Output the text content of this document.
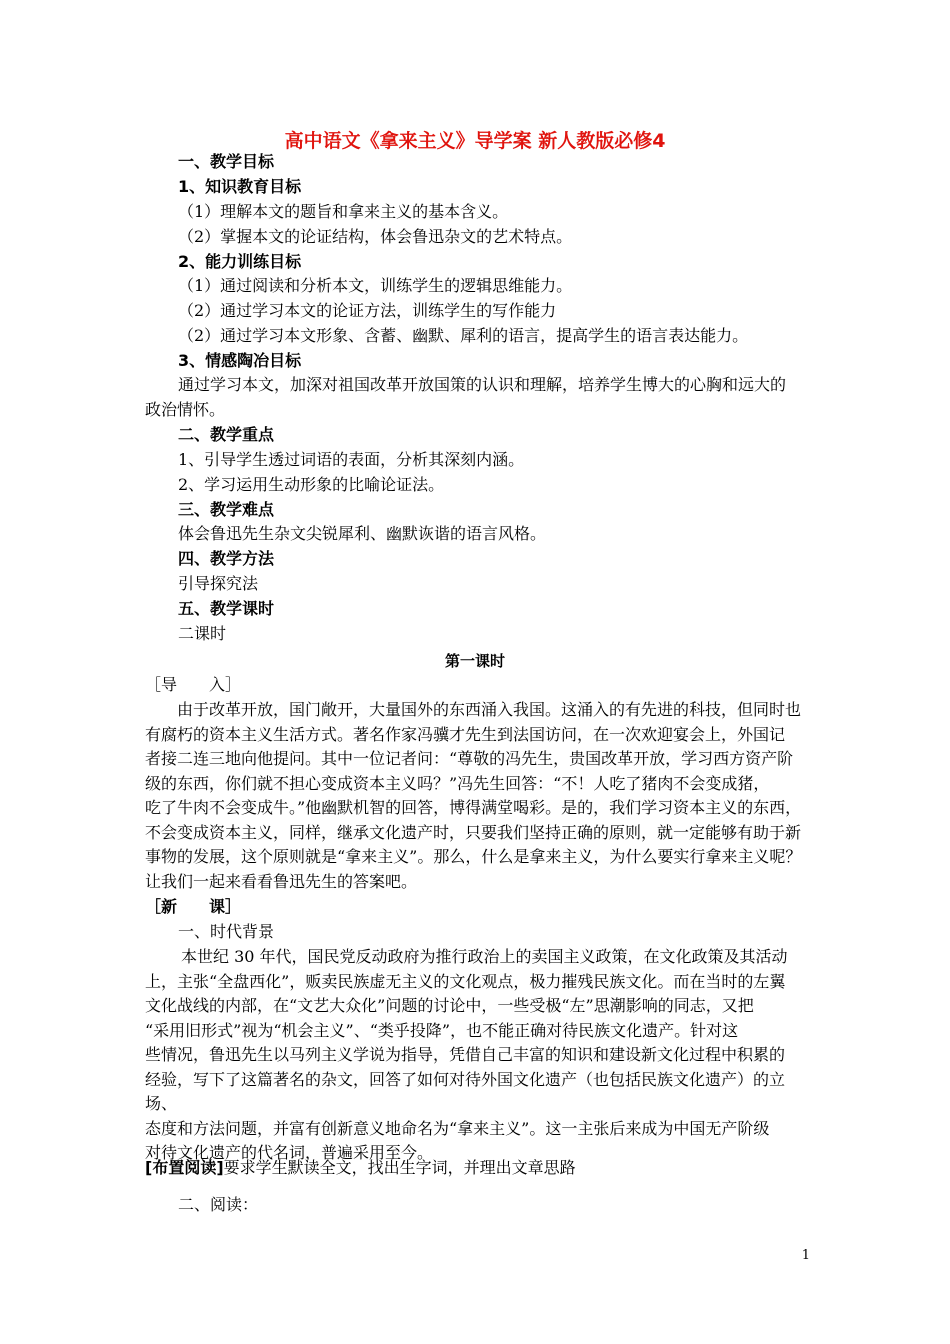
高中语文《拿来主义》导学案 新人教版必修4
一、教学目标
1、知识教育目标
（1）理解本文的题旨和拿来主义的基本含义。
（2）掌握本文的论证结构，体会鲁迅杂文的艺术特点。
2、能力训练目标
（1）通过阅读和分析本文，训练学生的逻辑思维能力。
（2）通过学习本文的论证方法，训练学生的写作能力
（2）通过学习本文形象、含蓄、幽默、犀利的语言，提高学生的语言表达能力。
3、情感陶冶目标
通过学习本文，加深对祖国改革开放国策的认识和理解，培养学生博大的心胸和远大的
政治情怀。
二、教学重点
1、引导学生透过词语的表面，分析其深刻内涵。
2、学习运用生动形象的比喻论证法。
三、教学难点
体会鲁迅先生杂文尖锐犀利、幽默诙谐的语言风格。
四、教学方法
引导探究法
五、教学课时
二课时
第一课时
［导　　入］
由于改革开放，国门敞开，大量国外的东西涌入我国。这涌入的有先进的科技，但同时也
有腐朽的资本主义生活方式。著名作家冯骥才先生到法国访问，在一次欢迎宴会上，外国记
者接二连三地向他提问。其中一位记者问：“尊敬的冯先生，贵国改革开放，学习西方资产阶
级的东西，你们就不担心变成资本主义吗？”冯先生回答：“不！人吃了猪肉不会变成猪，
吃了牛肉不会变成牛。”他幽默机智的回答，博得满堂喝彩。是的，我们学习资本主义的东西，
不会变成资本主义，同样，继承文化遗产时，只要我们坚持正确的原则，就一定能够有助于新
事物的发展，这个原则就是“拿来主义”。那么，什么是拿来主义，为什么要实行拿来主义呢？
让我们一起来看看鲁迅先生的答案吧。
［新　　课］
一、时代背景
本世纪 30 年代，国民党反动政府为推行政治上的卖国主义政策，在文化政策及其活动
上，主张“全盘西化”，贩卖民族虚无主义的文化观点，极力摧残民族文化。而在当时的左翼
文化战线的内部，在“文艺大众化”问题的讨论中，一些受极“左”思潮影响的同志，又把
“采用旧形式”视为“机会主义”、“类乎投降”，也不能正确对待民族文化遗产。针对这
些情况，鲁迅先生以马列主义学说为指导，凭借自己丰富的知识和建设新文化过程中积累的
经验，写下了这篇著名的杂文，回答了如何对待外国文化遗产（也包括民族文化遗产）的立场、
态度和方法问题，并富有创新意义地命名为“拿来主义”。这一主张后来成为中国无产阶级
对待文化遗产的代名词，普遍采用至今。
[布置阅读]要求学生默读全文，找出生字词，并理出文章思路
二、阅读：
1
